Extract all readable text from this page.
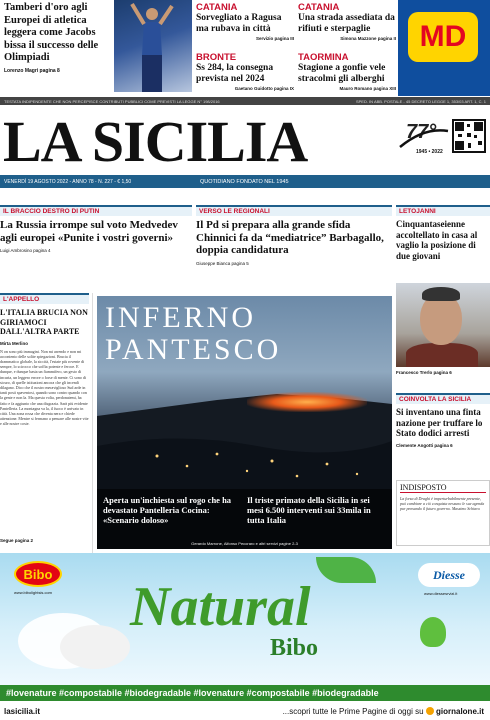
Tamberi d'oro agli Europei di atletica leggera come Jacobs bissa il successo delle Olimpiadi
Lorenzo Magri pagina 8
CATANIA
Sorvegliato a Ragusa ma rubava in città
Servizio pagina III
CATANIA
Una strada assediata da rifiuti e sterpaglie
Simona Mazzone pagina II
BRONTE
Ss 284, la consegna prevista nel 2024
Gaetano Guidotto pagina IX
TAORMINA
Stagione a gonfie vele stracolmi gli alberghi
Mauro Romano pagina XIII
MD
TESTATA INDIPENDENTE CHE NON PERCEPISCE CONTRIBUTI PUBBLICI COME PREVISTI LA LEGGE N° 198/2016	SPED. IN ABB. POSTALE - 45 DECRETO LEGGE 1, 353/03 ART. 1, C. 1
LA SICILIA	77°
1945 • 2022
VENERDÌ 19 AGOSTO 2022 - ANNO 78 - N. 227 - € 1,50	QUOTIDIANO FONDATO NEL 1945
IL BRACCIO DESTRO DI PUTIN
La Russia irrompe sul voto Medvedev agli europei «Punite i vostri governi»
Luigi Ambrosino pagina 4
VERSO LE REGIONALI
Il Pd si prepara alla grande sfida Chinnici fa da “mediatrice” Barbagallo, doppia candidatura
Giuseppe Bianca pagina 5
LETOJANNI
Cinquantaseienne accoltellato in casa al vaglio la posizione di due giovani
L'APPELLO
L'ITALIA BRUCIA NON GIRIAMOCI DALL'ALTRA PARTE
Mirta Merlino
N on sono più immagini. Non mi arrendo e non mi accontento delle solite spiegazioni. Brucia il drammatico globale, la siccità, l'estate più rovente di sempre, lo scirocco che soffia potente e feroce. E dunque, e dunque basta un fiammifero, un gesto di incuria, un leggero errore o forse di mente. Ci sono di sicuro, di quelle istituzioni ancora che gli incendi dilagano. Dico che il nostro meraviglioso Sud arde in tanti posti spaventosi, quando sono contro quando con la gente e non la. Ma questa volta, perdonatemi, ha fatto e fa aggiunto che una disgrazia. Sarà più evidente Pantelleria. La montagna va la, il fuoco è arrivato in città. Una zona rossa che diventa nera e chiede attenzione. Mentre si fermano a pensare alle nostre vite e alle nostre coste.
Segue pagina 2
INFERNO
PANTESCO
Aperta un'inchiesta sul rogo che ha devastato Pantelleria Cocina: «Scenario doloso»
Il triste primato della Sicilia in sei mesi 6.500 interventi sui 33mila in tutta Italia
Gerardo Marrone, Alfonso Pecoraro e altri servizi pagine 2-3
Francesco Trerlo pagina 6
COINVOLTA LA SICILIA
Si inventano una finta nazione per truffare lo Stato dodici arresti
Clemente Angotti pagina 6
INDISPOSTO
La forza di Draghi è imperturbabilmente presente, può cambiare a ciò conquista nessuno le sue agenda pur pensando il futuro governo. Massimo Schiavo
Bibo
www.bibolightsis.com
Diesse
www.diessesrvizi.it
Natural
Bibo
#lovenature #compostabile #biodegradable #lovenature #compostabile #biodegradable
lasicilia.it	...scopri tutte le Prime Pagine di oggi su giornalone.it
